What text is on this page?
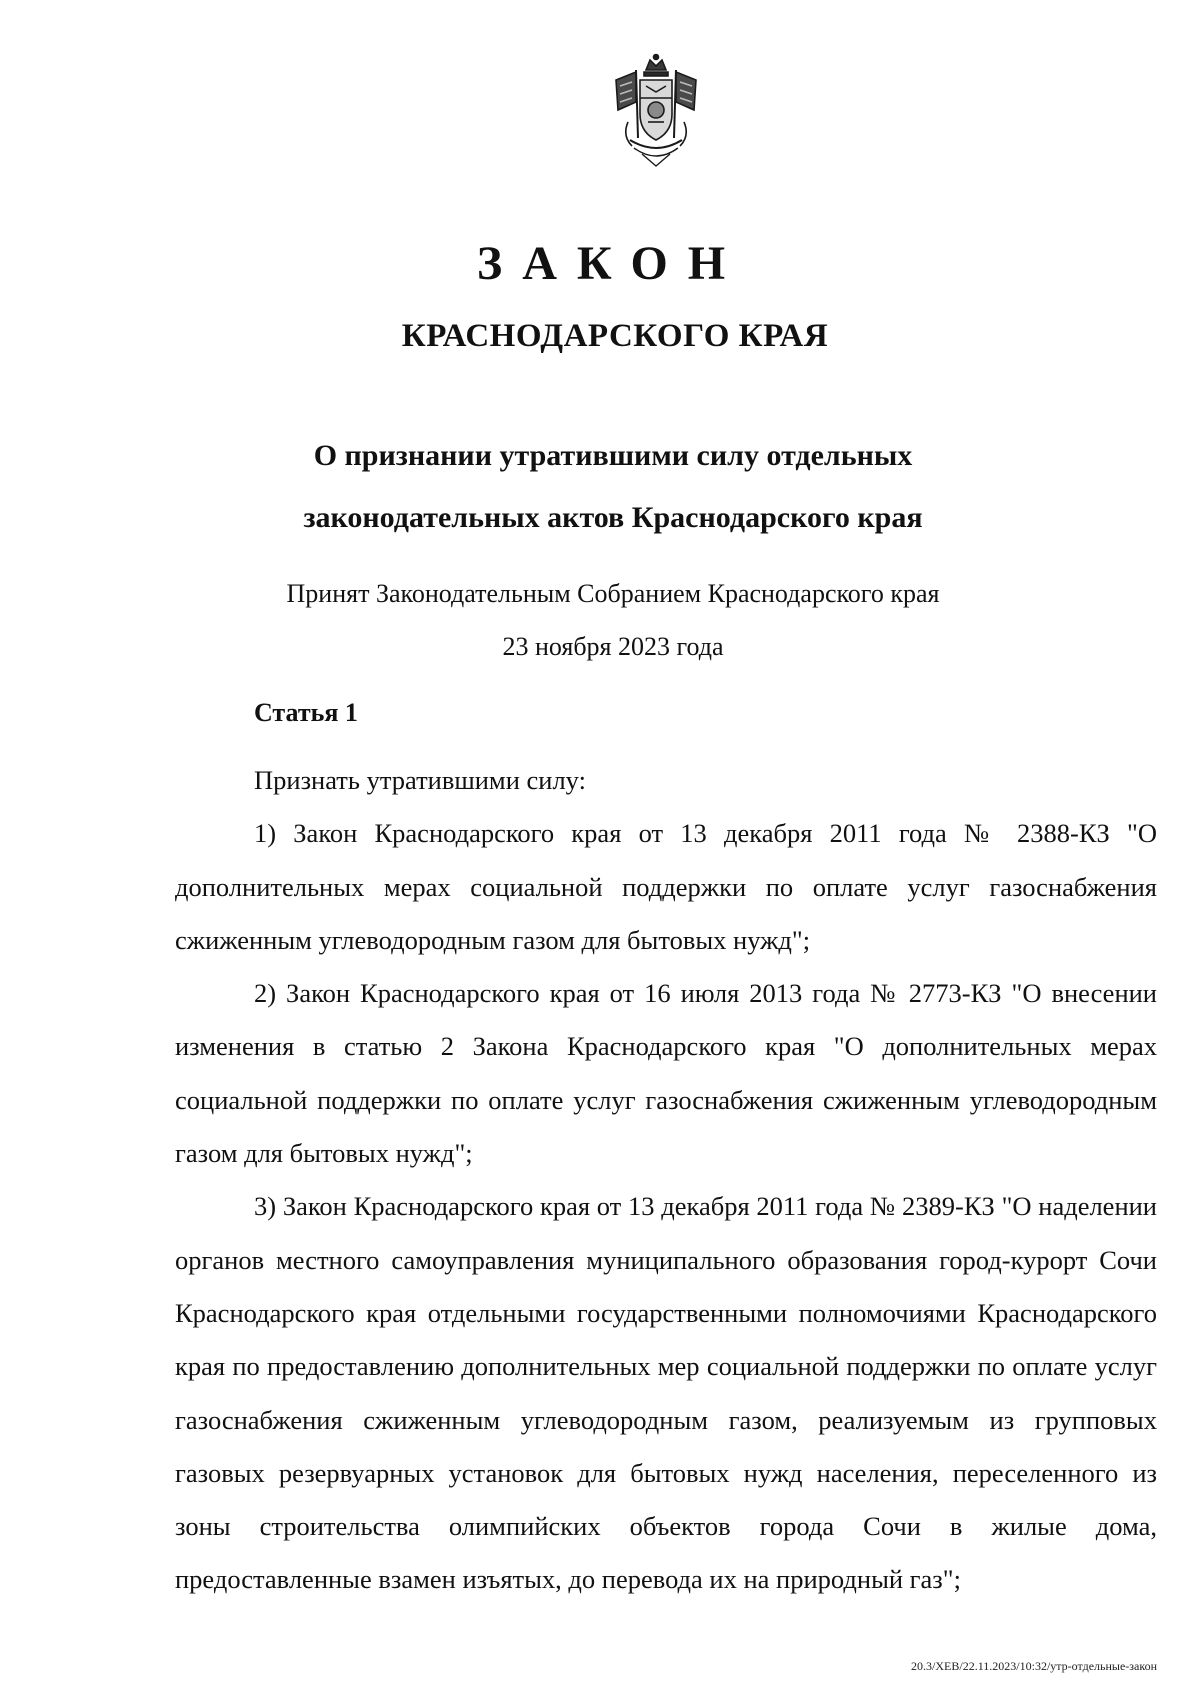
ЗАКОН
КРАСНОДАРСКОГО КРАЯ
О признании утратившими силу отдельных
законодательных актов Краснодарского края
Принят Законодательным Собранием Краснодарского края
23 ноября 2023 года
Статья 1

Признать утратившими силу:

1) Закон Краснодарского края от 13 декабря 2011 года № 2388-КЗ "О дополнительных мерах социальной поддержки по оплате услуг газоснабжения сжиженным углеводородным газом для бытовых нужд";

2) Закон Краснодарского края от 16 июля 2013 года № 2773-КЗ "О внесении изменения в статью 2 Закона Краснодарского края "О дополнительных мерах социальной поддержки по оплате услуг газоснабжения сжиженным углеводородным газом для бытовых нужд";

3) Закон Краснодарского края от 13 декабря 2011 года № 2389-КЗ "О наделении органов местного самоуправления муниципального образования город-курорт Сочи Краснодарского края отдельными государственными полномочиями Краснодарского края по предоставлению дополнительных мер социальной поддержки по оплате услуг газоснабжения сжиженным углеводородным газом, реализуемым из групповых газовых резервуарных установок для бытовых нужд населения, переселенного из зоны строительства олимпийских объектов города Сочи в жилые дома, предоставленные взамен изъятых, до перевода их на природный газ";

20.3/ХЕВ/22.11.2023/10:32/утр-отдельные-закон
